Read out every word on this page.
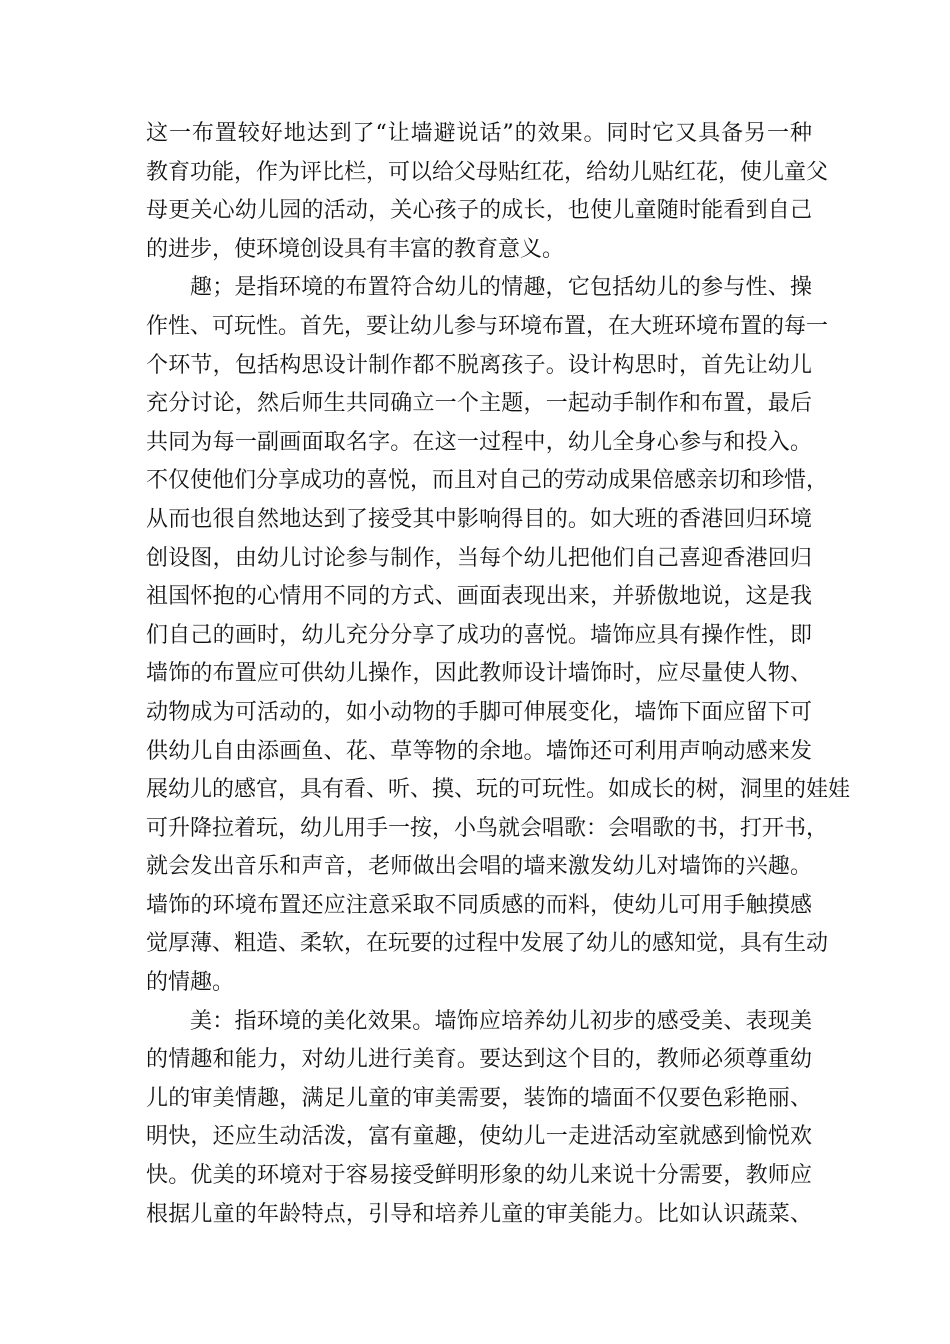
这一布置较好地达到了“让墙避说话”的效果。同时它又具备另一种
教育功能，作为评比栏，可以给父母贴红花，给幼儿贴红花，使儿童父
母更关心幼儿园的活动，关心孩子的成长，也使儿童随时能看到自己
的进步，使环境创设具有丰富的教育意义。
趣；是指环境的布置符合幼儿的情趣，它包括幼儿的参与性、操
作性、可玩性。首先，要让幼儿参与环境布置，在大班环境布置的每一
个环节，包括构思设计制作都不脱离孩子。设计构思时，首先让幼儿
充分讨论，然后师生共同确立一个主题，一起动手制作和布置，最后
共同为每一副画面取名字。在这一过程中，幼儿全身心参与和投入。
不仅使他们分享成功的喜悦，而且对自己的劳动成果倍感亲切和珍惜，
从而也很自然地达到了接受其中影响得目的。如大班的香港回归环境
创设图，由幼儿讨论参与制作，当每个幼儿把他们自己喜迎香港回归
祖国怀抱的心情用不同的方式、画面表现出来，并骄傲地说，这是我
们自己的画时，幼儿充分分享了成功的喜悦。墙饰应具有操作性，即
墙饰的布置应可供幼儿操作，因此教师设计墙饰时，应尽量使人物、
动物成为可活动的，如小动物的手脚可伸展变化，墙饰下面应留下可
供幼儿自由添画鱼、花、草等物的余地。墙饰还可利用声响动感来发
展幼儿的感官，具有看、听、摸、玩的可玩性。如成长的树，洞里的娃娃
可升降拉着玩，幼儿用手一按，小鸟就会唱歌：会唱歌的书，打开书，
就会发出音乐和声音，老师做出会唱的墙来激发幼儿对墙饰的兴趣。
墙饰的环境布置还应注意采取不同质感的而料，使幼儿可用手触摸感
觉厚薄、粗造、柔软，在玩要的过程中发展了幼儿的感知觉，具有生动
的情趣。
美：指环境的美化效果。墙饰应培养幼儿初步的感受美、表现美
的情趣和能力，对幼儿进行美育。要达到这个目的，教师必须尊重幼
儿的审美情趣，满足儿童的审美需要，装饰的墙面不仅要色彩艳丽、
明快，还应生动活泼，富有童趣，使幼儿一走进活动室就感到愉悦欢
快。优美的环境对于容易接受鲜明形象的幼儿来说十分需要，教师应
根据儿童的年龄特点，引导和培养儿童的审美能力。比如认识蔬菜、
